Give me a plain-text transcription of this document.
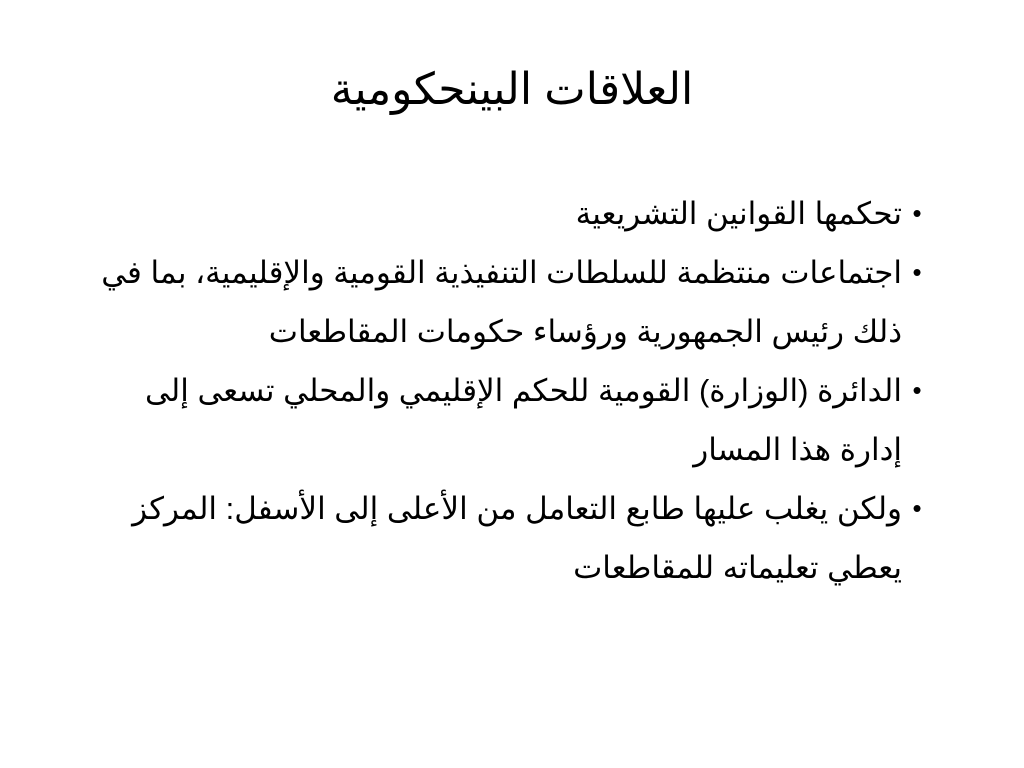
العلاقات البينحكومية
•
تحكمها القوانين التشريعية
•
اجتماعات منتظمة للسلطات التنفيذية القومية والإقليمية، بما في ذلك رئيس الجمهورية ورؤساء حكومات المقاطعات
•
الدائرة (الوزارة) القومية للحكم الإقليمي والمحلي تسعى إلى إدارة هذا المسار
•
ولكن يغلب عليها طابع التعامل من الأعلى إلى الأسفل: المركز يعطي تعليماته للمقاطعات
